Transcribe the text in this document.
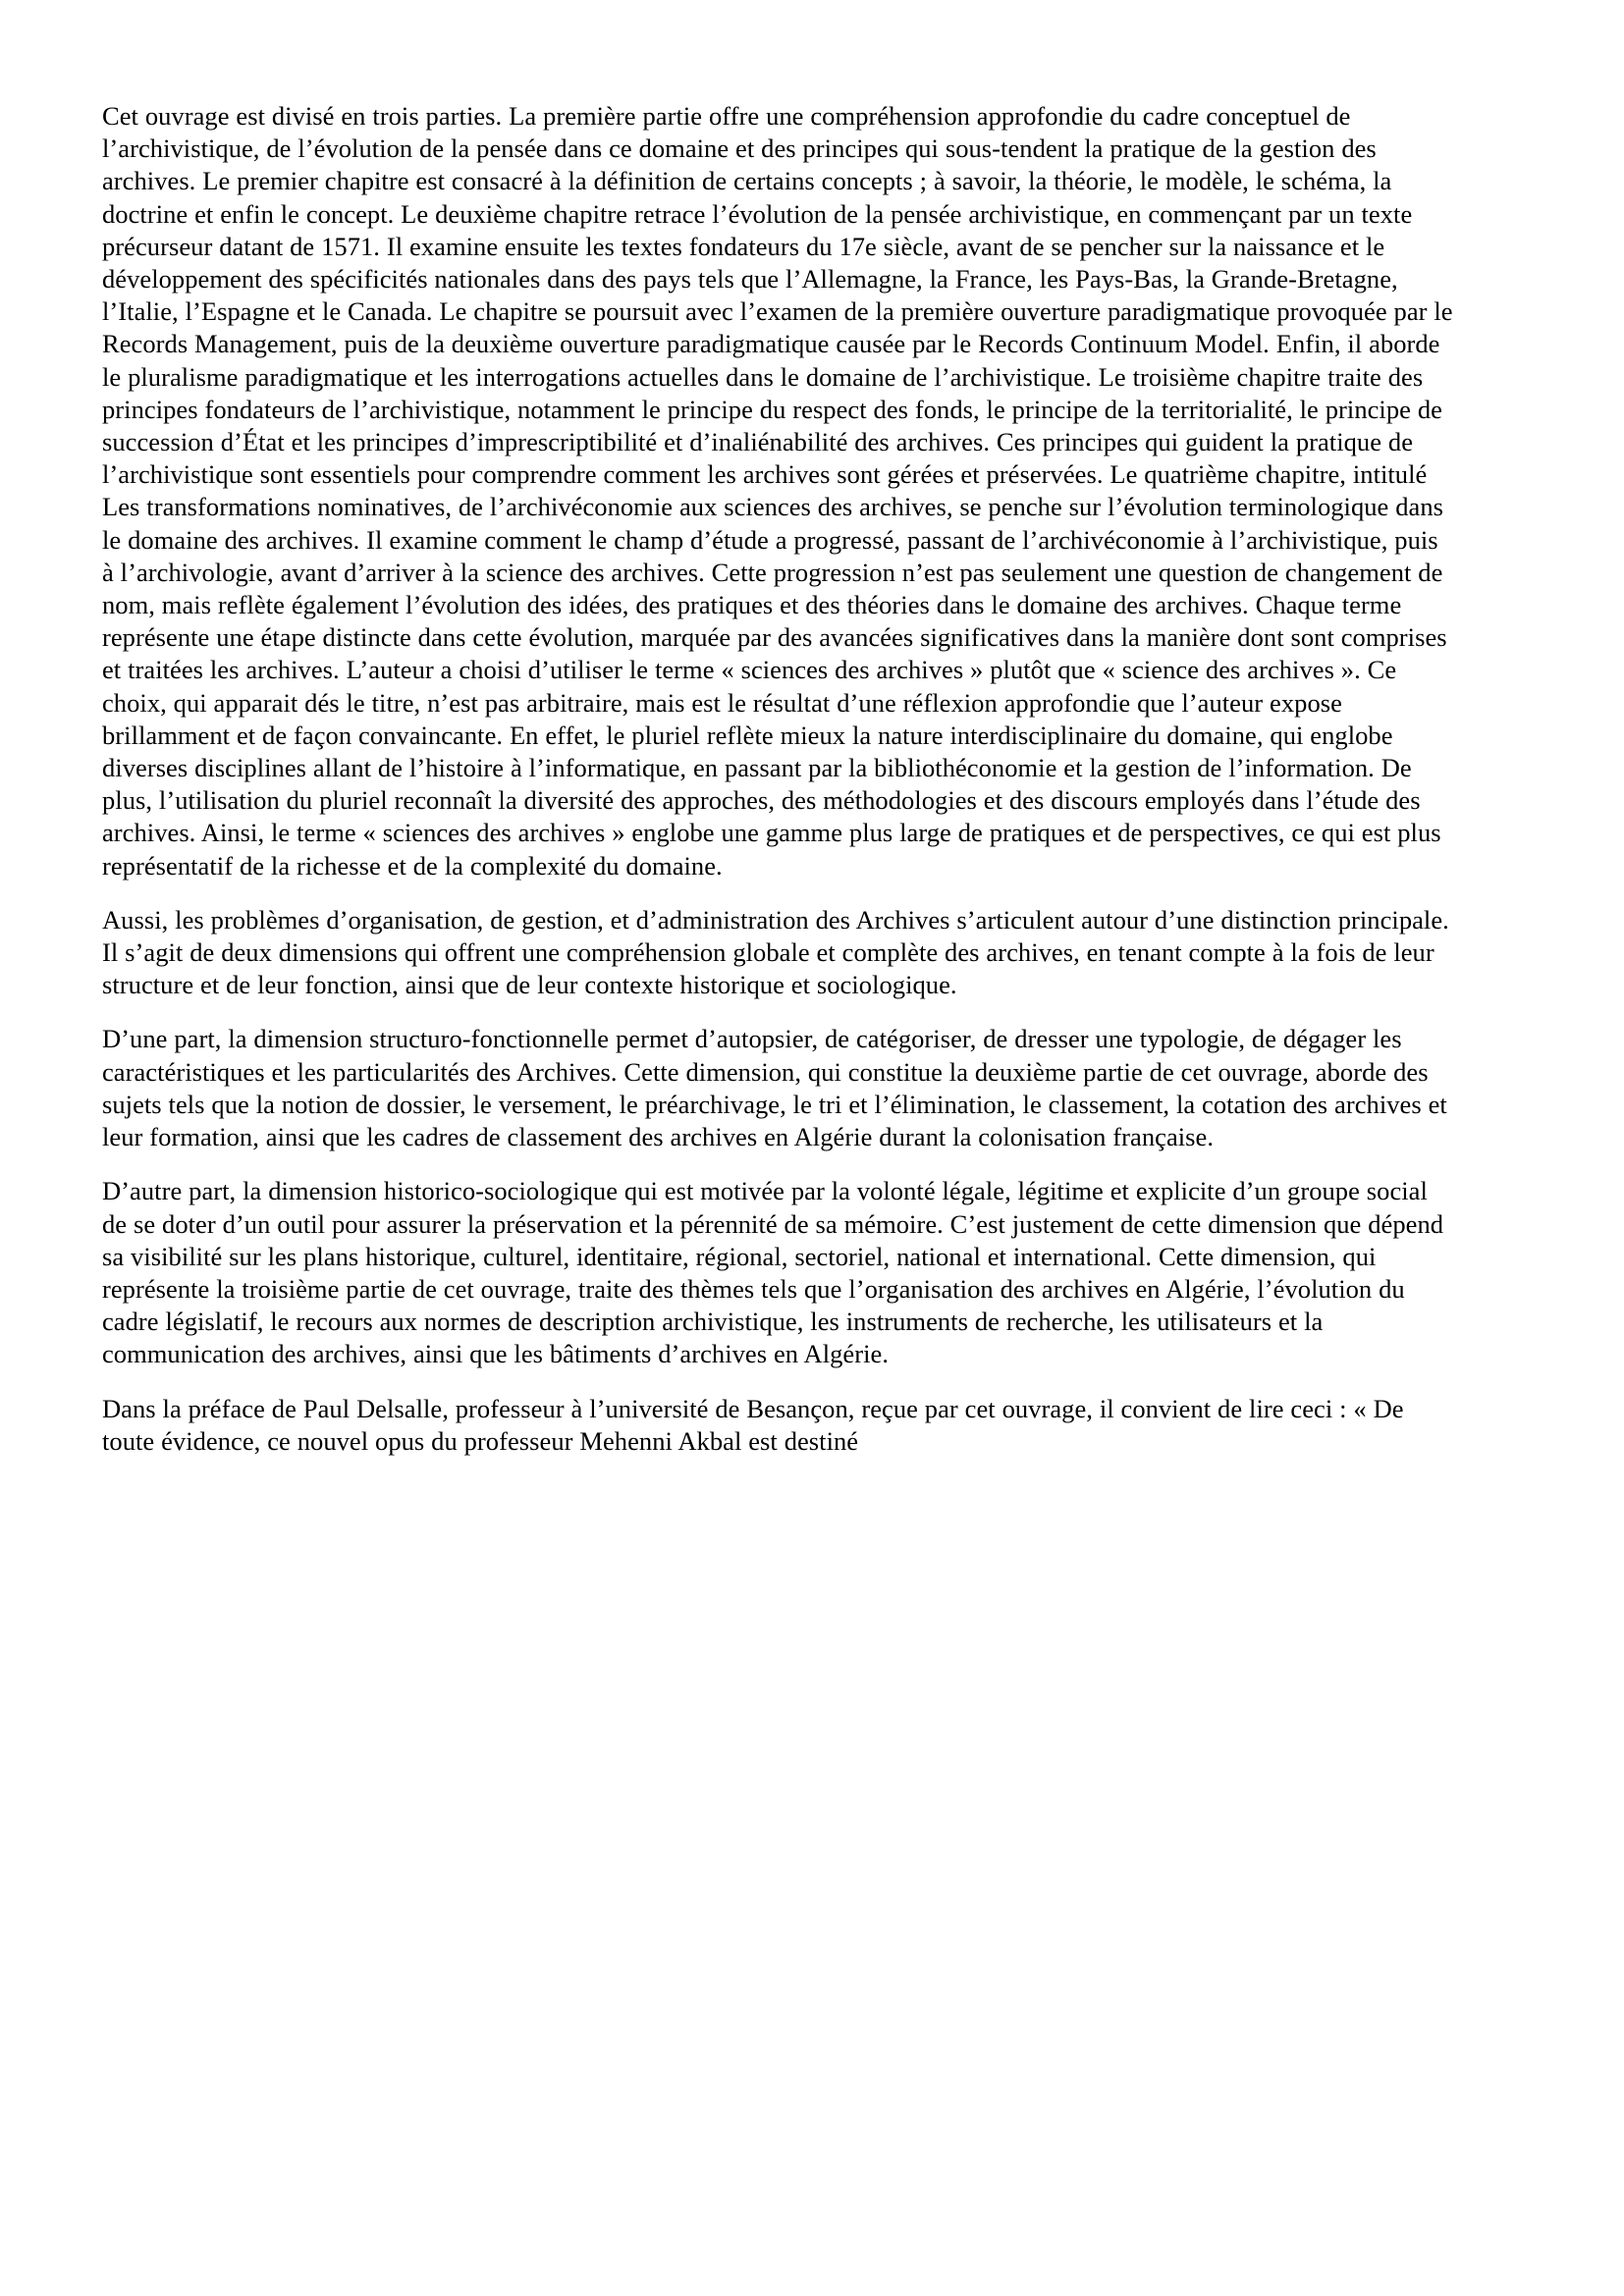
Cet ouvrage est divisé en trois parties. La première partie offre une compréhension approfondie du cadre conceptuel de l’archivistique, de l’évolution de la pensée dans ce domaine et des principes qui sous-tendent la pratique de la gestion des archives. Le premier chapitre est consacré à la définition de certains concepts ; à savoir, la théorie, le modèle, le schéma, la doctrine et enfin le concept. Le deuxième chapitre retrace l’évolution de la pensée archivistique, en commençant par un texte précurseur datant de 1571. Il examine ensuite les textes fondateurs du 17e siècle, avant de se pencher sur la naissance et le développement des spécificités nationales dans des pays tels que l’Allemagne, la France, les Pays-Bas, la Grande-Bretagne, l’Italie, l’Espagne et le Canada. Le chapitre se poursuit avec l’examen de la première ouverture paradigmatique provoquée par le Records Management, puis de la deuxième ouverture paradigmatique causée par le Records Continuum Model. Enfin, il aborde le pluralisme paradigmatique et les interrogations actuelles dans le domaine de l’archivistique. Le troisième chapitre traite des principes fondateurs de l’archivistique, notamment le principe du respect des fonds, le principe de la territorialité, le principe de succession d’État et les principes d’imprescriptibilité et d’inaliénabilité des archives. Ces principes qui guident la pratique de l’archivistique sont essentiels pour comprendre comment les archives sont gérées et préservées. Le quatrième chapitre, intitulé Les transformations nominatives, de l’archivéconomie aux sciences des archives, se penche sur l’évolution terminologique dans le domaine des archives. Il examine comment le champ d’étude a progressé, passant de l’archivéconomie à l’archivistique, puis à l’archivologie, avant d’arriver à la science des archives. Cette progression n’est pas seulement une question de changement de nom, mais reflète également l’évolution des idées, des pratiques et des théories dans le domaine des archives. Chaque terme représente une étape distincte dans cette évolution, marquée par des avancées significatives dans la manière dont sont comprises et traitées les archives. L’auteur a choisi d’utiliser le terme « sciences des archives » plutôt que « science des archives ». Ce choix, qui apparait dés le titre, n’est pas arbitraire, mais est le résultat d’une réflexion approfondie que l’auteur expose brillamment et de façon convaincante. En effet, le pluriel reflète mieux la nature interdisciplinaire du domaine, qui englobe diverses disciplines allant de l’histoire à l’informatique, en passant par la bibliothéconomie et la gestion de l’information. De plus, l’utilisation du pluriel reconnaît la diversité des approches, des méthodologies et des discours employés dans l’étude des archives. Ainsi, le terme « sciences des archives » englobe une gamme plus large de pratiques et de perspectives, ce qui est plus représentatif de la richesse et de la complexité du domaine.

Aussi, les problèmes d’organisation, de gestion, et d’administration des Archives s’articulent autour d’une distinction principale. Il s’agit de deux dimensions qui offrent une compréhension globale et complète des archives, en tenant compte à la fois de leur structure et de leur fonction, ainsi que de leur contexte historique et sociologique.

D’une part, la dimension structuro-fonctionnelle permet d’autopsier, de catégoriser, de dresser une typologie, de dégager les caractéristiques et les particularités des Archives. Cette dimension, qui constitue la deuxième partie de cet ouvrage, aborde des sujets tels que la notion de dossier, le versement, le préarchivage, le tri et l’élimination, le classement, la cotation des archives et leur formation, ainsi que les cadres de classement des archives en Algérie durant la colonisation française.

D’autre part, la dimension historico-sociologique qui est motivée par la volonté légale, légitime et explicite d’un groupe social de se doter d’un outil pour assurer la préservation et la pérennité de sa mémoire. C’est justement de cette dimension que dépend sa visibilité sur les plans historique, culturel, identitaire, régional, sectoriel, national et international. Cette dimension, qui représente la troisième partie de cet ouvrage, traite des thèmes tels que l’organisation des archives en Algérie, l’évolution du cadre législatif, le recours aux normes de description archivistique, les instruments de recherche, les utilisateurs et la communication des archives, ainsi que les bâtiments d’archives en Algérie.

Dans la préface de Paul Delsalle, professeur à l’université de Besançon, reçue par cet ouvrage, il convient de lire ceci : « De toute évidence, ce nouvel opus du professeur Mehenni Akbal est destiné
